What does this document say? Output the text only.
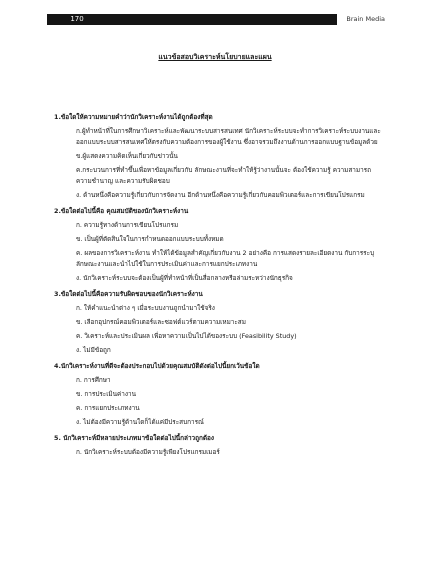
170	Brain Media
แนวข้อสอบวิเคราะห์นโยบายและแผน
1.ข้อใดให้ความหมายคำว่านักวิเคราะห์งานได้ถูกต้องที่สุด
ก.ผู้ทำหน้าที่ในการศึกษาวิเคราะห์และพัฒนาระบบสารสนเทศ นักวิเคราะห์ระบบจะทำการวิเคราะห์ระบบงานและออกแบบระบบสารสนเทศให้ตรงกับความต้องการของผู้ใช้งาน ซึ่งอาจรวมถึงงานด้านการออกแบบฐานข้อมูลด้วย
ข.ผู้แสดงความคิดเห็นเกี่ยวกับข่าวนั้น
ค.กระบวนการที่ทำขึ้นเพื่อหาข้อมูลเกี่ยวกับ ลักษณะงานที่จะทำให้รู้ว่างานนั้นจะ ต้องใช้ความรู้ ความสามารถ ความชำนาญ และความรับผิดชอบ
ง. ด้านหนึ่งคือความรู้เกี่ยวกับการจัดงาน อีกด้านหนึ่งคือความรู้เกี่ยวกับคอมพิวเตอร์และการเขียนโปรแกรม
2.ข้อใดต่อไปนี้คือ คุณสมบัติของนักวิเคราะห์งาน
ก. ความรู้ทางด้านการเขียนโปรแกรม
ข. เป็นผู้ที่ตัดสินใจในการกำหนดออกแบบระบบทั้งหมด
ค. ผลของการวิเคราะห์งาน ทำให้ได้ข้อมูลสำคัญเกี่ยวกับงาน 2 อย่างคือ การแสดงรายละเอียดงาน กับการระบุลักษณะงานและนำไปใช้ในการประเมินค่าและการแยกประเภทงาน
ง. นักวิเคราะห์ระบบจะต้องเป็นผู้ที่ทำหน้าที่เป็นสื่อกลางหรือล่ามระหว่างนักธุรกิจ
3.ข้อใดต่อไปนี้คือความรับผิดชอบของนักวิเคราะห์งาน
ก. ให้คำแนะนำต่าง ๆ เมื่อระบบงานถูกนำมาใช้จริง
ข. เลือกอุปกรณ์คอมพิวเตอร์และซอฟต์แวร์ตามความเหมาะสม
ค. วิเคราะห์และประเมินผล เพื่อหาความเป็นไปได้ของระบบ (Feasibility Study)
ง. ไม่มีข้อถูก
4.นักวิเคราะห์งานที่ดีจะต้องประกอบไปด้วยคุณสมบัติดังต่อไปนี้ยกเว้นข้อใด
ก. การศึกษา
ข. การประเมินค่างาน
ค. การแยกประเภทงาน
ง. ไม่ต้องมีความรู้ด้านใดก็ได้แค่มีประสบการณ์
5. นักวิเคราะห์มีหลายประเภทมาข้อใดต่อไปนี้กล่าวถูกต้อง
ก. นักวิเคราะห์ระบบต้องมีความรู้เพียงโปรแกรมเมอร์
